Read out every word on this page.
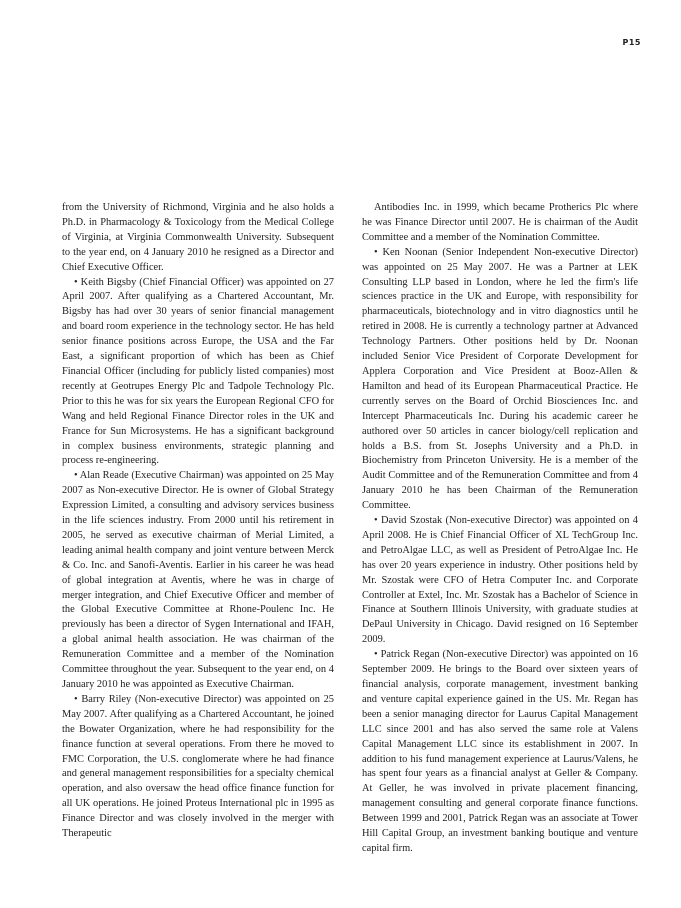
P15

from the University of Richmond, Virginia and he also holds a Ph.D. in Pharmacology & Toxicology from the Medical College of Virginia, at Virginia Commonwealth University. Subsequent to the year end, on 4 January 2010 he resigned as a Director and Chief Executive Officer.

• Keith Bigsby (Chief Financial Officer) was appointed on 27 April 2007. After qualifying as a Chartered Accountant, Mr. Bigsby has had over 30 years of senior financial management and board room experience in the technology sector. He has held senior finance positions across Europe, the USA and the Far East, a significant proportion of which has been as Chief Financial Officer (including for publicly listed companies) most recently at Geotrupes Energy Plc and Tadpole Technology Plc. Prior to this he was for six years the European Regional CFO for Wang and held Regional Finance Director roles in the UK and France for Sun Microsystems. He has a significant background in complex business environments, strategic planning and process re-engineering.

• Alan Reade (Executive Chairman) was appointed on 25 May 2007 as Non-executive Director. He is owner of Global Strategy Expression Limited, a consulting and advisory services business in the life sciences industry. From 2000 until his retirement in 2005, he served as executive chairman of Merial Limited, a leading animal health company and joint venture between Merck & Co. Inc. and Sanofi-Aventis. Earlier in his career he was head of global integration at Aventis, where he was in charge of merger integration, and Chief Executive Officer and member of the Global Executive Committee at Rhone-Poulenc Inc. He previously has been a director of Sygen International and IFAH, a global animal health association. He was chairman of the Remuneration Committee and a member of the Nomination Committee throughout the year. Subsequent to the year end, on 4 January 2010 he was appointed as Executive Chairman.

• Barry Riley (Non-executive Director) was appointed on 25 May 2007. After qualifying as a Chartered Accountant, he joined the Bowater Organization, where he had responsibility for the finance function at several operations. From there he moved to FMC Corporation, the U.S. conglomerate where he had finance and general management responsibilities for a specialty chemical operation, and also oversaw the head office finance function for all UK operations. He joined Proteus International plc in 1995 as Finance Director and was closely involved in the merger with Therapeutic

Antibodies Inc. in 1999, which became Protherics Plc where he was Finance Director until 2007. He is chairman of the Audit Committee and a member of the Nomination Committee.

• Ken Noonan (Senior Independent Non-executive Director) was appointed on 25 May 2007. He was a Partner at LEK Consulting LLP based in London, where he led the firm's life sciences practice in the UK and Europe, with responsibility for pharmaceuticals, biotechnology and in vitro diagnostics until he retired in 2008. He is currently a technology partner at Advanced Technology Partners. Other positions held by Dr. Noonan included Senior Vice President of Corporate Development for Applera Corporation and Vice President at Booz-Allen & Hamilton and head of its European Pharmaceutical Practice. He currently serves on the Board of Orchid Biosciences Inc. and Intercept Pharmaceuticals Inc. During his academic career he authored over 50 articles in cancer biology/cell replication and holds a B.S. from St. Josephs University and a Ph.D. in Biochemistry from Princeton University. He is a member of the Audit Committee and of the Remuneration Committee and from 4 January 2010 he has been Chairman of the Remuneration Committee.

• David Szostak (Non-executive Director) was appointed on 4 April 2008. He is Chief Financial Officer of XL TechGroup Inc. and PetroAlgae LLC, as well as President of PetroAlgae Inc. He has over 20 years experience in industry. Other positions held by Mr. Szostak were CFO of Hetra Computer Inc. and Corporate Controller at Extel, Inc. Mr. Szostak has a Bachelor of Science in Finance at Southern Illinois University, with graduate studies at DePaul University in Chicago. David resigned on 16 September 2009.

• Patrick Regan (Non-executive Director) was appointed on 16 September 2009. He brings to the Board over sixteen years of financial analysis, corporate management, investment banking and venture capital experience gained in the US. Mr. Regan has been a senior managing director for Laurus Capital Management LLC since 2001 and has also served the same role at Valens Capital Management LLC since its establishment in 2007. In addition to his fund management experience at Laurus/Valens, he has spent four years as a financial analyst at Geller & Company. At Geller, he was involved in private placement financing, management consulting and general corporate finance functions. Between 1999 and 2001, Patrick Regan was an associate at Tower Hill Capital Group, an investment banking boutique and venture capital firm.
